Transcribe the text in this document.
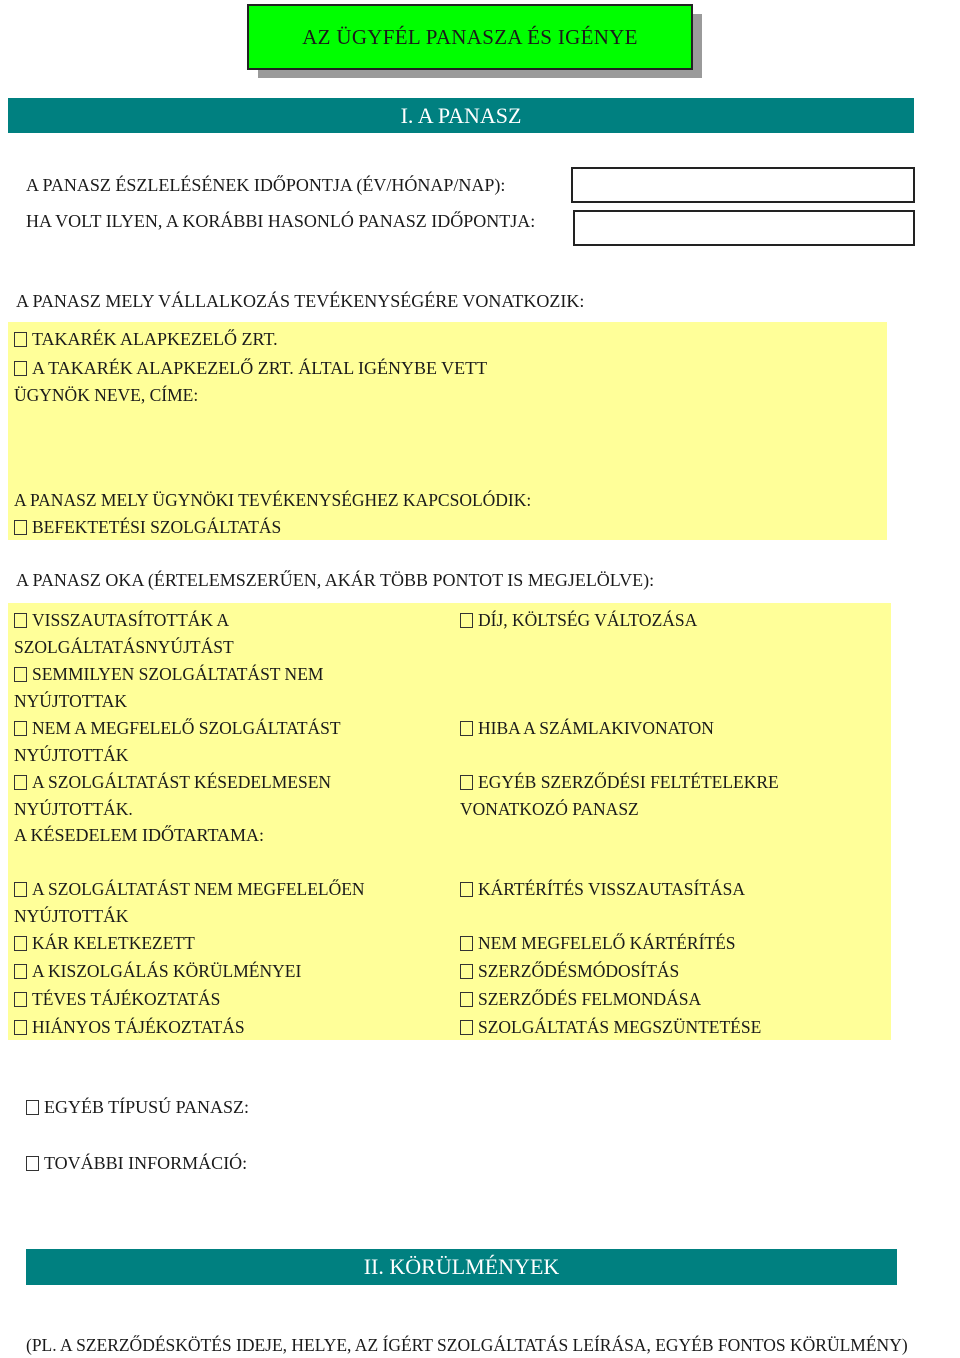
AZ ÜGYFÉL PANASZA ÉS IGÉNYE
I. A PANASZ
A PANASZ ÉSZLELÉSÉNEK IDŐPONTJA (ÉV/HÓNAP/NAP):
HA VOLT ILYEN, A KORÁBBI HASONLÓ PANASZ IDŐPONTJA:
A PANASZ MELY VÁLLALKOZÁS TEVÉKENYSÉGÉRE VONATKOZIK:
TAKARÉK ALAPKEZELŐ ZRT.
A TAKARÉK ALAPKEZELŐ ZRT. ÁLTAL IGÉNYBE VETT
ÜGYNÖK NEVE, CÍME:
A PANASZ MELY ÜGYNÖKI TEVÉKENYSÉGHEZ KAPCSOLÓDIK:
BEFEKTETÉSI SZOLGÁLTATÁS
A PANASZ OKA (ÉRTELEMSZERŰEN, AKÁR TÖBB PONTOT IS MEGJELÖLVE):
VISSZAUTASÍTOTTÁK A
SZOLGÁLTATÁSNYÚJTÁST
SEMMILYEN SZOLGÁLTATÁST NEM
NYÚJTOTTAK
NEM A MEGFELELŐ SZOLGÁLTATÁST
NYÚJTOTTÁK
A SZOLGÁLTATÁST KÉSEDELMESEN
NYÚJTOTTÁK.
A KÉSEDELEM IDŐTARTAMA:
A SZOLGÁLTATÁST NEM MEGFELELŐEN
NYÚJTOTTÁK
KÁR KELETKEZETT
A KISZOLGÁLÁS KÖRÜLMÉNYEI
TÉVES TÁJÉKOZTATÁS
HIÁNYOS TÁJÉKOZTATÁS
DÍJ, KÖLTSÉG VÁLTOZÁSA
HIBA A SZÁMLAKIVONATON
EGYÉB SZERZŐDÉSI FELTÉTELEKRE
VONATKOZÓ PANASZ
KÁRTÉRÍTÉS VISSZAUTASÍTÁSA
NEM MEGFELELŐ KÁRTÉRÍTÉS
SZERZŐDÉSMÓDOSÍTÁS
SZERZŐDÉS FELMONDÁSA
SZOLGÁLTATÁS MEGSZÜNTETÉSE
EGYÉB TÍPUSÚ PANASZ:
TOVÁBBI INFORMÁCIÓ:
II. KÖRÜLMÉNYEK
(PL. A SZERZŐDÉSKÖTÉS IDEJE, HELYE, AZ ÍGÉRT SZOLGÁLTATÁS LEÍRÁSA, EGYÉB FONTOS KÖRÜLMÉNY)
